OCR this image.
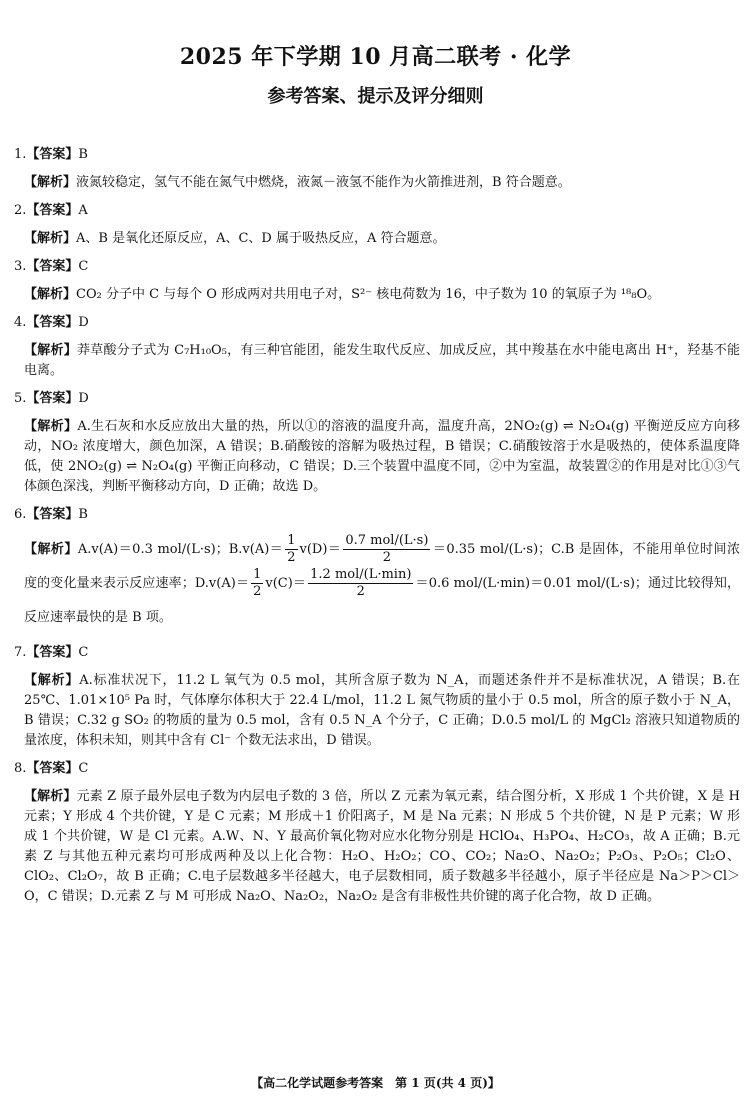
2025 年下学期 10 月高二联考 · 化学
参考答案、提示及评分细则

1.【答案】B

【解析】液氮较稳定，氢气不能在氮气中燃烧，液氮－液氢不能作为火箭推进剂，B 符合题意。

2.【答案】A

【解析】A、B 是氧化还原反应，A、C、D 属于吸热反应，A 符合题意。

3.【答案】C

【解析】CO₂ 分子中 C 与每个 O 形成两对共用电子对，S²⁻ 核电荷数为 16，中子数为 10 的氧原子为 ¹⁸₈O。

4.【答案】D

【解析】莽草酸分子式为 C₇H₁₀O₅，有三种官能团，能发生取代反应、加成反应，其中羧基在水中能电离出 H⁺，羟基不能电离。

5.【答案】D

【解析】A.生石灰和水反应放出大量的热，所以①的溶液的温度升高，温度升高，2NO₂(g) ⇌ N₂O₄(g) 平衡逆反应方向移动，NO₂ 浓度增大，颜色加深，A 错误；B.硝酸铵的溶解为吸热过程，B 错误；C.硝酸铵溶于水是吸热的，使体系温度降低，使 2NO₂(g) ⇌ N₂O₄(g) 平衡正向移动，C 错误；D.三个装置中温度不同，②中为室温，故装置②的作用是对比①③气体颜色深浅，判断平衡移动方向，D 正确；故选 D。

6.【答案】B

【解析】A.v(A)＝0.3 mol/(L·s)；$B.v(A)= \frac{1}{2} v(D)= \frac{\text{0.7 mol/(L·s)}}{2} =0.35$ mol/(L·s)；C.B 是固体，不能用单位时间浓度的变化量来表示反应速率；$D.v(A)= \frac{1}{2} v(C)= \frac{\text{1.2 mol/(L·min)}}{2} =0.6$ mol/(L·min)＝0.01 mol/(L·s)；通过比较得知，反应速率最快的是 B 项。

7.【答案】C

【解析】A.标准状况下，11.2 L 氧气为 0.5 mol，其所含原子数为 N_A，而题述条件并不是标准状况，A 错误；B.在 25℃、1.01×10⁵ Pa 时，气体摩尔体积大于 22.4 L/mol，11.2 L 氮气物质的量小于 0.5 mol，所含的原子数小于 N_A，B 错误；C.32 g SO₂ 的物质的量为 0.5 mol，含有 0.5 N_A 个分子，C 正确；D.0.5 mol/L 的 MgCl₂ 溶液只知道物质的量浓度，体积未知，则其中含有 Cl⁻ 个数无法求出，D 错误。

8.【答案】C

【解析】元素 Z 原子最外层电子数为内层电子数的 3 倍，所以 Z 元素为氧元素，结合图分析，X 形成 1 个共价键，X 是 H 元素；Y 形成 4 个共价键，Y 是 C 元素；M 形成＋1 价阳离子，M 是 Na 元素；N 形成 5 个共价键，N 是 P 元素；W 形成 1 个共价键，W 是 Cl 元素。A.W、N、Y 最高价氧化物对应水化物分别是 HClO₄、H₃PO₄、H₂CO₃，故 A 正确；B.元素 Z 与其他五种元素均可形成两种及以上化合物：H₂O、H₂O₂；CO、CO₂；Na₂O、Na₂O₂；P₂O₃、P₂O₅；Cl₂O、ClO₂、Cl₂O₇，故 B 正确；C.电子层数越多半径越大，电子层数相同，质子数越多半径越小，原子半径应是 Na＞P＞Cl＞O，C 错误；D.元素 Z 与 M 可形成 Na₂O、Na₂O₂，Na₂O₂ 是含有非极性共价键的离子化合物，故 D 正确。

【高二化学试题参考答案　第 1 页(共 4 页)】
